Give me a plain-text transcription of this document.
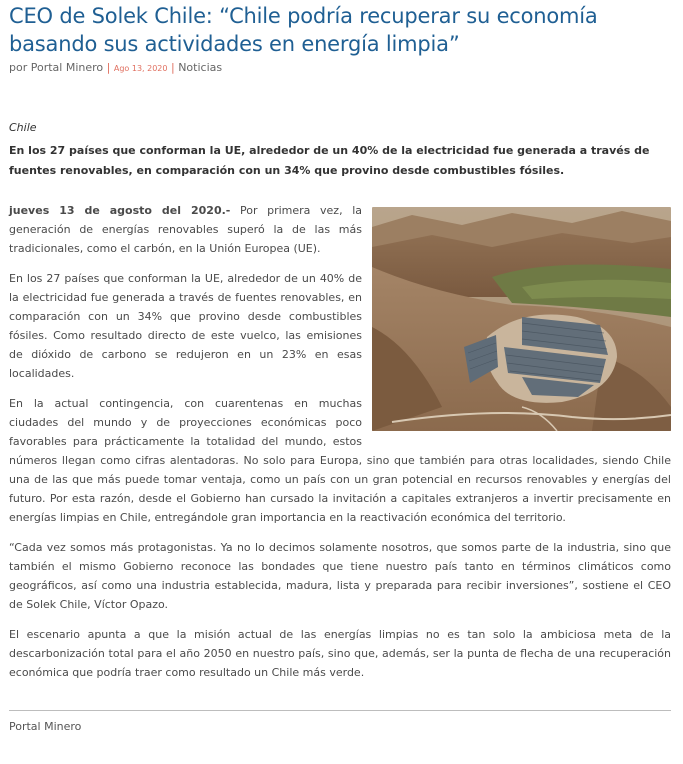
CEO de Solek Chile: “Chile podría recuperar su economía basando sus actividades en energía limpia”
por Portal Minero | Ago 13, 2020 | Noticias
Chile

En los 27 países que conforman la UE, alrededor de un 40% de la electricidad fue generada a través de fuentes renovables, en comparación con un 34% que provino desde combustibles fósiles.

jueves 13 de agosto del 2020.- Por primera vez, la generación de energías renovables superó la de las más tradicionales, como el carbón, en la Unión Europea (UE).

En los 27 países que conforman la UE, alrededor de un 40% de la electricidad fue generada a través de fuentes renovables, en comparación con un 34% que provino desde combustibles fósiles. Como resultado directo de este vuelco, las emisiones de dióxido de carbono se redujeron en un 23% en esas localidades.

En la actual contingencia, con cuarentenas en muchas ciudades del mundo y de proyecciones económicas poco favorables para prácticamente la totalidad del mundo, estos números llegan como cifras alentadoras. No solo para Europa, sino que también para otras localidades, siendo Chile una de las que más puede tomar ventaja, como un país con un gran potencial en recursos renovables y energías del futuro. Por esta razón, desde el Gobierno han cursado la invitación a capitales extranjeros a invertir precisamente en energías limpias en Chile, entregándole gran importancia en la reactivación económica del territorio.

“Cada vez somos más protagonistas. Ya no lo decimos solamente nosotros, que somos parte de la industria, sino que también el mismo Gobierno reconoce las bondades que tiene nuestro país tanto en términos climáticos como geográficos, así como una industria establecida, madura, lista y preparada para recibir inversiones”, sostiene el CEO de Solek Chile, Víctor Opazo.

El escenario apunta a que la misión actual de las energías limpias no es tan solo la ambiciosa meta de la descarbonización total para el año 2050 en nuestro país, sino que, además, ser la punta de flecha de una recuperación económica que podría traer como resultado un Chile más verde.

Portal Minero
